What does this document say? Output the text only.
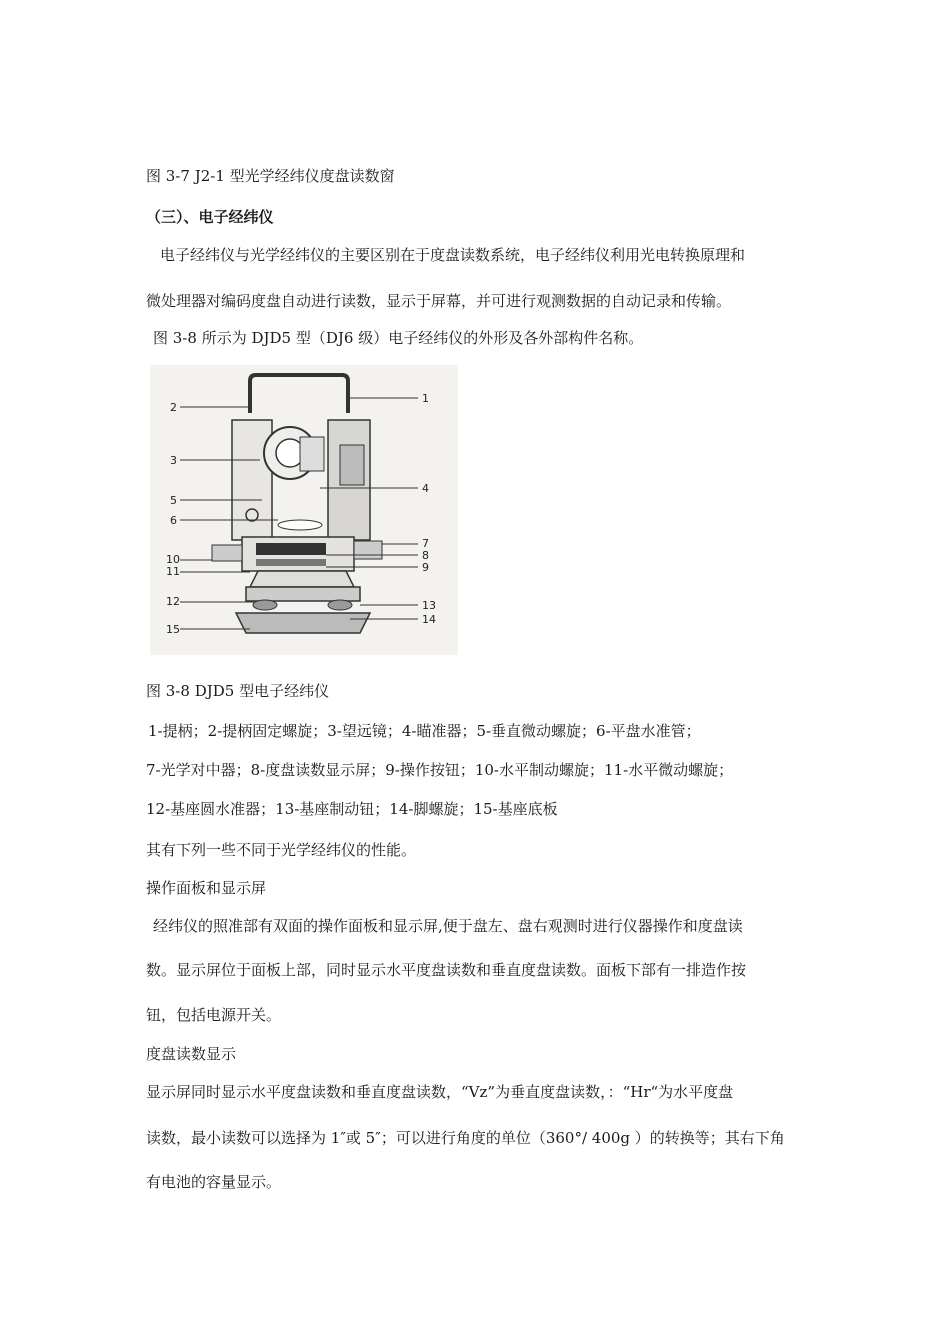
图 3-7 J2-1 型光学经纬仪度盘读数窗
（三）、电子经纬仪
电子经纬仪与光学经纬仪的主要区别在于度盘读数系统，电子经纬仪利用光电转换原理和
微处理器对编码度盘自动进行读数，显示于屏幕，并可进行观测数据的自动记录和传输。
图 3-8 所示为 DJD5 型（DJ6 级）电子经纬仪的外形及各外部构件名称。
2
3
5
6
10
11
12
15
1
4
7
8
9
13
14
图 3-8 DJD5 型电子经纬仪
1-提柄；2-提柄固定螺旋；3-望远镜；4-瞄准器；5-垂直微动螺旋；6-平盘水准管；
7-光学对中器；8-度盘读数显示屏；9-操作按钮；10-水平制动螺旋；11-水平微动螺旋；
12-基座圆水准器；13-基座制动钮；14-脚螺旋；15-基座底板
其有下列一些不同于光学经纬仪的性能。
操作面板和显示屏
经纬仪的照准部有双面的操作面板和显示屏,便于盘左、盘右观测时进行仪器操作和度盘读
数。显示屏位于面板上部，同时显示水平度盘读数和垂直度盘读数。面板下部有一排造作按
钮，包括电源开关。
度盘读数显示
显示屏同时显示水平度盘读数和垂直度盘读数，“Vz”为垂直度盘读数，：“Hr“为水平度盘
读数，最小读数可以选择为 1″或 5″；可以进行角度的单位（360°/ 400g ）的转换等；其右下角
有电池的容量显示。
